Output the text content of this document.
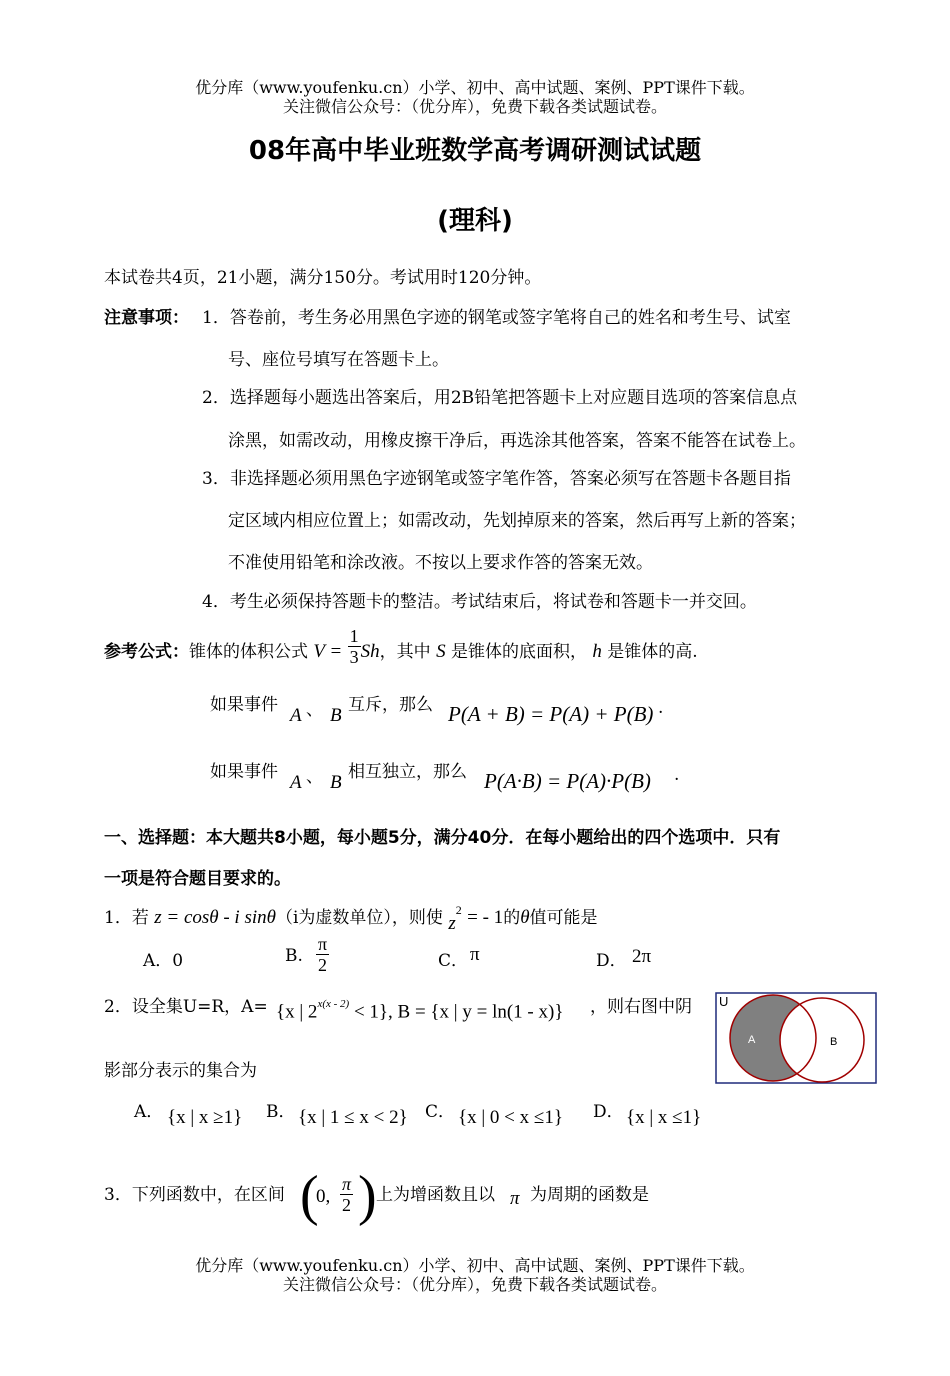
优分库（www.youfenku.cn）小学、初中、高中试题、案例、PPT课件下载。
关注微信公众号：（优分库），免费下载各类试题试卷。
08年高中毕业班数学高考调研测试试题
(理科)
本试卷共4页，21小题，满分150分。考试用时120分钟。
注意事项： 1．答卷前，考生务必用黑色字迹的钢笔或签字笔将自己的姓名和考生号、试室
号、座位号填写在答题卡上。
2．选择题每小题选出答案后，用2B铅笔把答题卡上对应题目选项的答案信息点
涂黑，如需改动，用橡皮擦干净后，再选涂其他答案，答案不能答在试卷上。
3．非选择题必须用黑色字迹钢笔或签字笔作答，答案必须写在答题卡各题目指
定区域内相应位置上；如需改动，先划掉原来的答案，然后再写上新的答案；
不准使用铅笔和涂改液。不按以上要求作答的答案无效。
4．考生必须保持答题卡的整洁。考试结束后，将试卷和答题卡一并交回。
参考公式：锥体的体积公式 $V = \frac{1}{3}$ Sh，其中 S 是锥体的底面积， h 是锥体的高.
如果事件 A 、 B 互斥，那么 P(A + B) = P(A) + P(B) .
如果事件 A 、 B 相互独立，那么 P(A·B) = P(A)·P(B) .
一、选择题：本大题共8小题，每小题5分，满分40分．在每小题给出的四个选项中．只有
一项是符合题目要求的。
1．若 z = cosθ - i sinθ（i为虚数单位），则使 $z^2$ = - 1的θ值可能是
A．0	B. $\frac{\pi}{2}$	C． π	D． 2π
2．设全集U=R，A= {x | $2^{x(x - 2)} < 1$}, B = {x | y = ln(1 - x)} ，则右图中阴
影部分表示的集合为
U
A	B
A． {x | x ≥1} B． {x | 1 ≤ x < 2} C． {x | 0 < x ≤1} D． {x | x ≤1}
3．下列函数中，在区间 (
0, $\frac{\pi}{2}$ ) 上为增函数且以 π 为周期的函数是
优分库（www.youfenku.cn）小学、初中、高中试题、案例、PPT课件下载。
关注微信公众号：（优分库），免费下载各类试题试卷。
